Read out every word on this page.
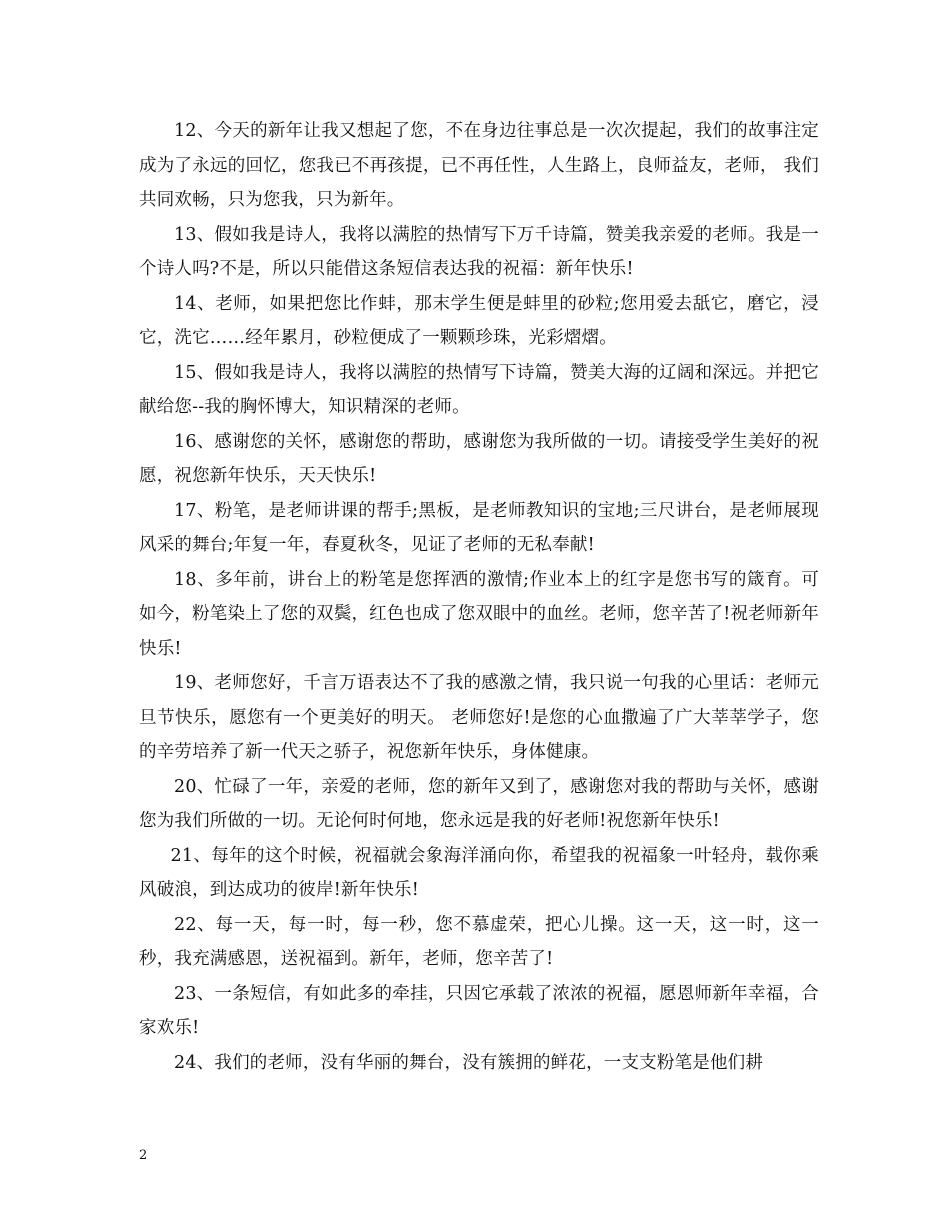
12、今天的新年让我又想起了您，不在身边往事总是一次次提起，我们的故事注定成为了永远的回忆，您我已不再孩提，已不再任性，人生路上，良师益友，老师， 我们共同欢畅，只为您我，只为新年。

13、假如我是诗人，我将以满腔的热情写下万千诗篇，赞美我亲爱的老师。我是一个诗人吗?不是，所以只能借这条短信表达我的祝福：新年快乐!

14、老师，如果把您比作蚌，那末学生便是蚌里的砂粒;您用爱去舐它，磨它，浸它，洗它……经年累月，砂粒便成了一颗颗珍珠，光彩熠熠。

15、假如我是诗人，我将以满腔的热情写下诗篇，赞美大海的辽阔和深远。并把它献给您--我的胸怀博大，知识精深的老师。

16、感谢您的关怀，感谢您的帮助，感谢您为我所做的一切。请接受学生美好的祝愿，祝您新年快乐，天天快乐!

17、粉笔，是老师讲课的帮手;黑板，是老师教知识的宝地;三尺讲台，是老师展现风采的舞台;年复一年，春夏秋冬，见证了老师的无私奉献!

18、多年前，讲台上的粉笔是您挥洒的激情;作业本上的红字是您书写的箴育。可如今，粉笔染上了您的双鬓，红色也成了您双眼中的血丝。老师，您辛苦了!祝老师新年快乐!

19、老师您好，千言万语表达不了我的感激之情，我只说一句我的心里话：老师元旦节快乐，愿您有一个更美好的明天。 老师您好!是您的心血撒遍了广大莘莘学子，您的辛劳培养了新一代天之骄子，祝您新年快乐，身体健康。

20、忙碌了一年，亲爱的老师，您的新年又到了，感谢您对我的帮助与关怀，感谢您为我们所做的一切。无论何时何地，您永远是我的好老师!祝您新年快乐!

21、每年的这个时候，祝福就会象海洋涌向你，希望我的祝福象一叶轻舟，载你乘风破浪，到达成功的彼岸!新年快乐!

22、每一天，每一时，每一秒，您不慕虚荣，把心儿操。这一天，这一时，这一秒，我充满感恩，送祝福到。新年，老师，您辛苦了!

23、一条短信，有如此多的牵挂，只因它承载了浓浓的祝福，愿恩师新年幸福，合家欢乐!

24、我们的老师，没有华丽的舞台，没有簇拥的鲜花，一支支粉笔是他们耕

2
